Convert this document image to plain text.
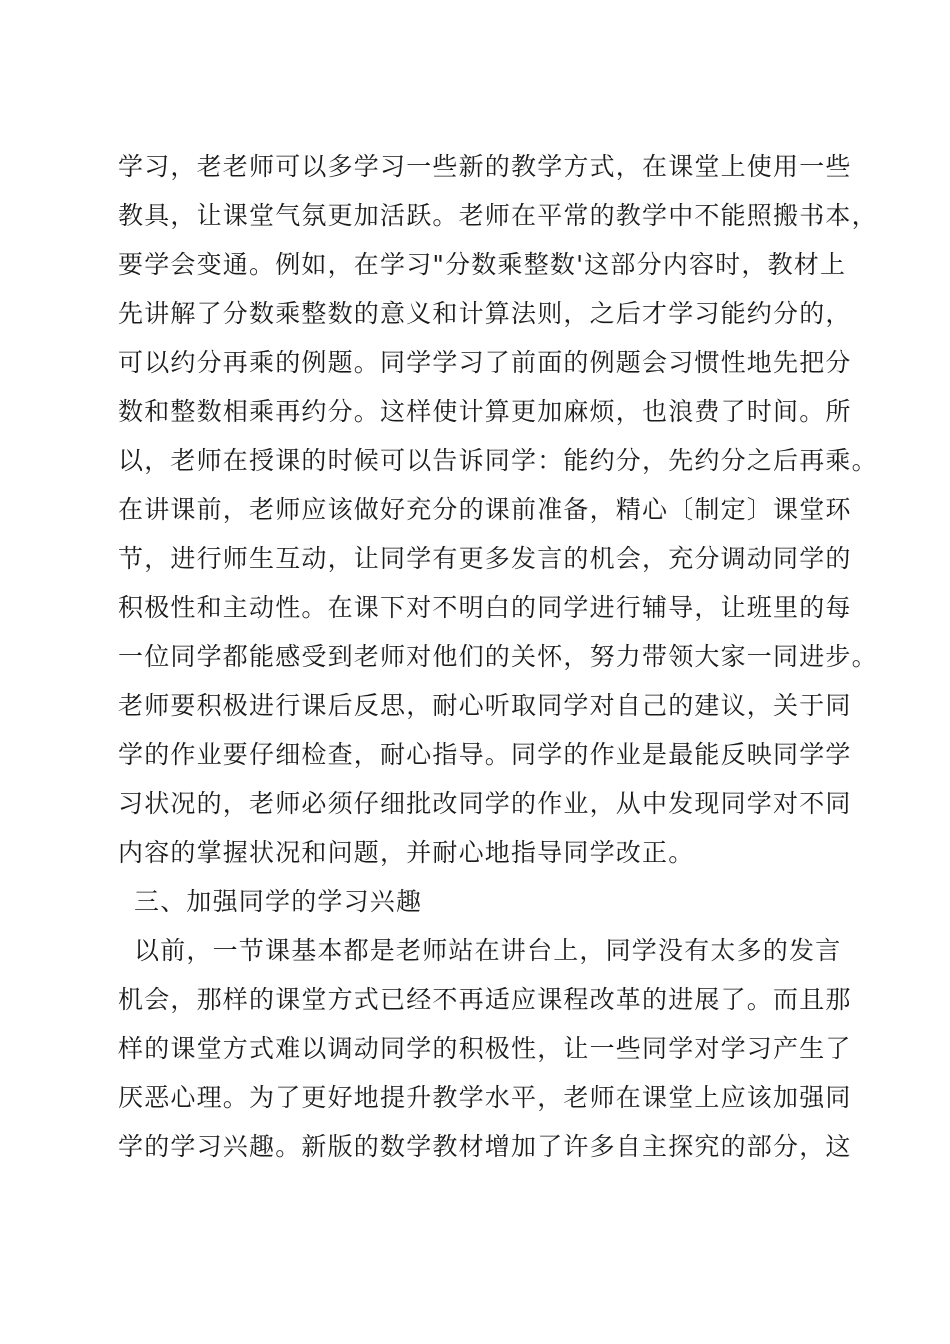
学习，老老师可以多学习一些新的教学方式，在课堂上使用一些
教具，让课堂气氛更加活跃。老师在平常的教学中不能照搬书本，
要学会变通。例如，在学习"分数乘整数'这部分内容时，教材上
先讲解了分数乘整数的意义和计算法则，之后才学习能约分的，
可以约分再乘的例题。同学学习了前面的例题会习惯性地先把分
数和整数相乘再约分。这样使计算更加麻烦，也浪费了时间。所
以，老师在授课的时候可以告诉同学：能约分，先约分之后再乘。
在讲课前，老师应该做好充分的课前准备，精心〔制定〕课堂环
节，进行师生互动，让同学有更多发言的机会，充分调动同学的
积极性和主动性。在课下对不明白的同学进行辅导，让班里的每
一位同学都能感受到老师对他们的关怀，努力带领大家一同进步。
老师要积极进行课后反思，耐心听取同学对自己的建议，关于同
学的作业要仔细检查，耐心指导。同学的作业是最能反映同学学
习状况的，老师必须仔细批改同学的作业，从中发现同学对不同
内容的掌握状况和问题，并耐心地指导同学改正。
三、加强同学的学习兴趣
以前，一节课基本都是老师站在讲台上，同学没有太多的发言
机会，那样的课堂方式已经不再适应课程改革的进展了。而且那
样的课堂方式难以调动同学的积极性，让一些同学对学习产生了
厌恶心理。为了更好地提升教学水平，老师在课堂上应该加强同
学的学习兴趣。新版的数学教材增加了许多自主探究的部分，这
